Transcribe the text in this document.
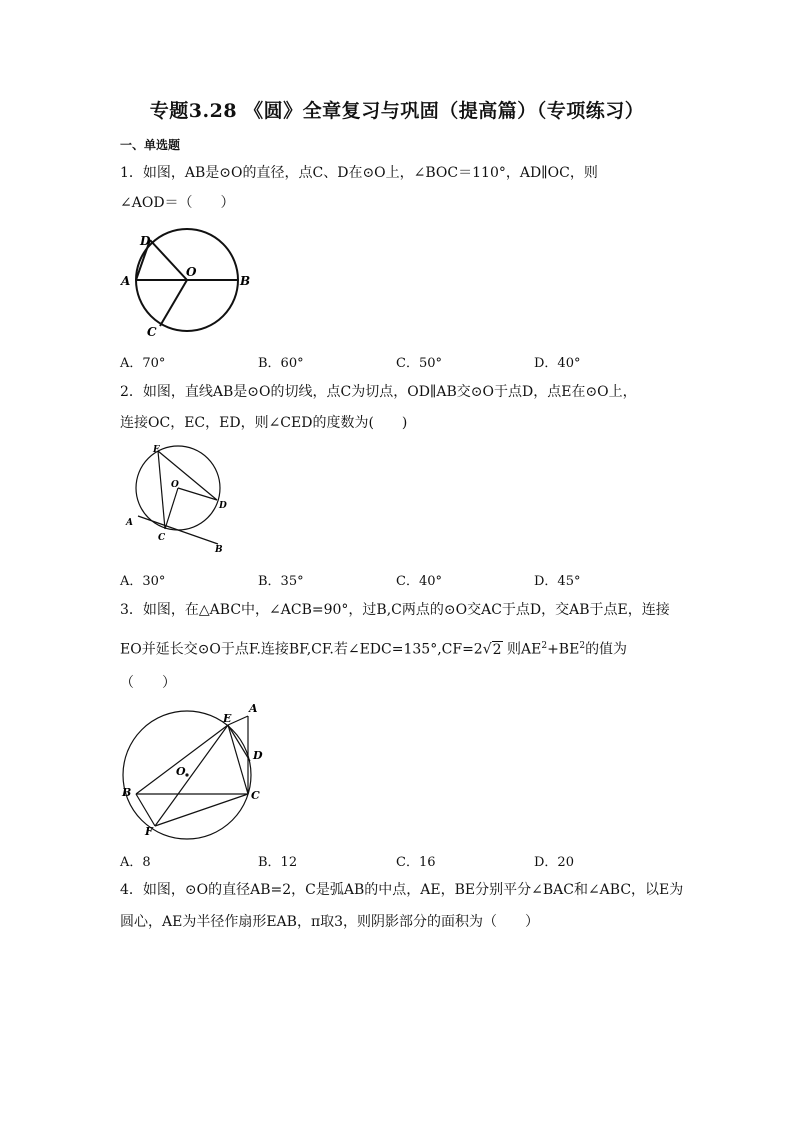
专题3.28 《圆》全章复习与巩固（提高篇）（专项练习）
一、单选题
1．如图，AB是⊙O的直径，点C、D在⊙O上，∠BOC＝110°，AD∥OC，则
∠AOD＝（　　）
D
A
O
B
C
A．70°	B．60°	C．50°	D．40°
2．如图，直线AB是⊙O的切线，点C为切点，OD∥AB交⊙O于点D，点E在⊙O上，
连接OC，EC，ED，则∠CED的度数为(　　)
E
O
D
A
C
B
A．30°	B．35°	C．40°	D．45°
3．如图，在△ABC中，∠ACB=90°，过B,C两点的⊙O交AC于点D，交AB于点E，连接
EO并延长交⊙O于点F.连接BF,CF.若∠EDC=135°,CF=2√2 则$AE^2+BE^2$的值为
（　　）
E
A
D
O
B	C
F
A．8	B．12	C．16	D．20
4．如图，⊙O的直径AB=2，C是弧AB的中点，AE，BE分别平分∠BAC和∠ABC，以E为
圆心，AE为半径作扇形EAB，π取3，则阴影部分的面积为（　　）
